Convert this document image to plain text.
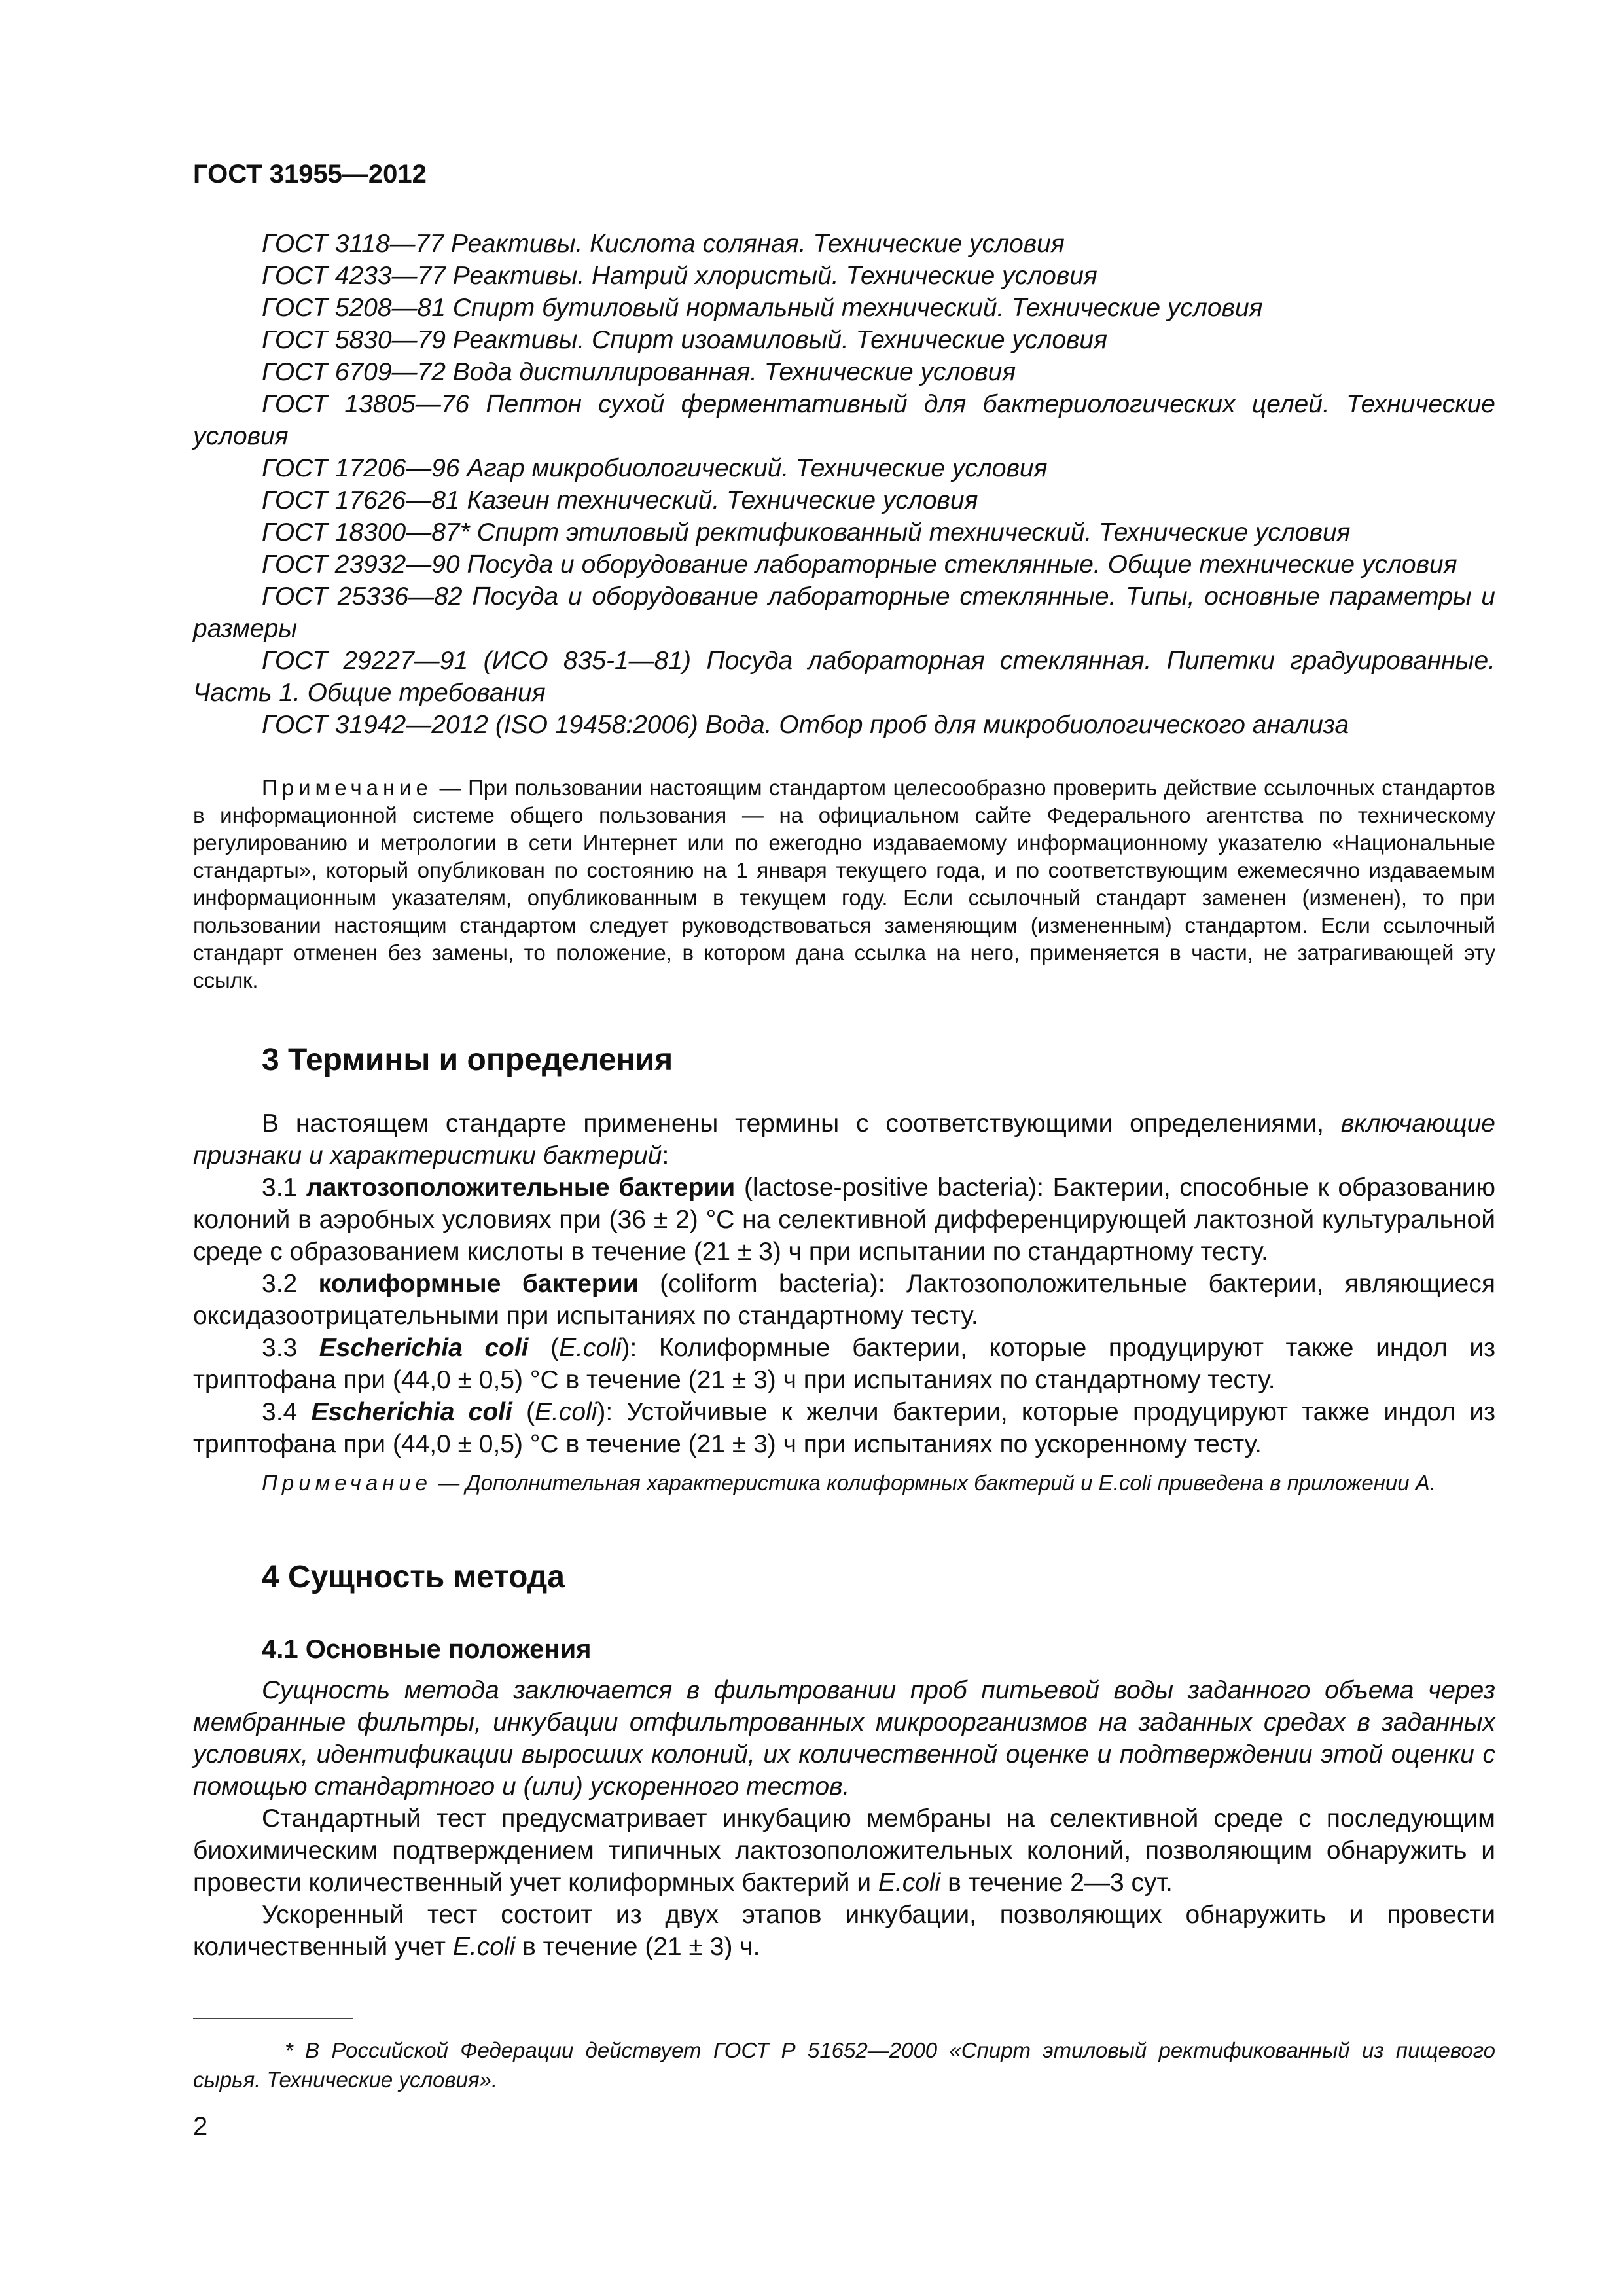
ГОСТ 31955—2012

ГОСТ 3118—77 Реактивы. Кислота соляная. Технические условия

ГОСТ 4233—77 Реактивы. Натрий хлористый. Технические условия

ГОСТ 5208—81 Спирт бутиловый нормальный технический. Технические условия

ГОСТ 5830—79 Реактивы. Спирт изоамиловый. Технические условия

ГОСТ 6709—72 Вода дистиллированная. Технические условия

ГОСТ 13805—76 Пептон сухой ферментативный для бактериологических целей. Технические условия

ГОСТ 17206—96 Агар микробиологический. Технические условия

ГОСТ 17626—81 Казеин технический. Технические условия

ГОСТ 18300—87* Спирт этиловый ректификованный технический. Технические условия

ГОСТ 23932—90 Посуда и оборудование лабораторные стеклянные. Общие технические условия

ГОСТ 25336—82 Посуда и оборудование лабораторные стеклянные. Типы, основные параметры и размеры

ГОСТ 29227—91 (ИСО 835-1—81) Посуда лабораторная стеклянная. Пипетки градуированные. Часть 1. Общие требования

ГОСТ 31942—2012 (ISO 19458:2006) Вода. Отбор проб для микробиологического анализа

Примечание — При пользовании настоящим стандартом целесообразно проверить действие ссылочных стандартов в информационной системе общего пользования — на официальном сайте Федерального агентства по техническому регулированию и метрологии в сети Интернет или по ежегодно издаваемому информационному указателю «Национальные стандарты», который опубликован по состоянию на 1 января текущего года, и по соответствующим ежемесячно издаваемым информационным указателям, опубликованным в текущем году. Если ссылочный стандарт заменен (изменен), то при пользовании настоящим стандартом следует руководствоваться заменяющим (измененным) стандартом. Если ссылочный стандарт отменен без замены, то положение, в котором дана ссылка на него, применяется в части, не затрагивающей эту ссылк.

3 Термины и определения

В настоящем стандарте применены термины с соответствующими определениями, включающие признаки и характеристики бактерий:

3.1 лактозоположительные бактерии (lactose-positive bacteria): Бактерии, способные к образованию колоний в аэробных условиях при (36 ± 2) °С на селективной дифференцирующей лактозной культуральной среде с образованием кислоты в течение (21 ± 3) ч при испытании по стандартному тесту.

3.2 колиформные бактерии (coliform bacteria): Лактозоположительные бактерии, являющиеся оксидазоотрицательными при испытаниях по стандартному тесту.

3.3 Escherichia coli (E.coli): Колиформные бактерии, которые продуцируют также индол из триптофана при (44,0 ± 0,5) °С в течение (21 ± 3) ч при испытаниях по стандартному тесту.

3.4 Escherichia coli (E.coli): Устойчивые к желчи бактерии, которые продуцируют также индол из триптофана при (44,0 ± 0,5) °С в течение (21 ± 3) ч при испытаниях по ускоренному тесту.

Примечание — Дополнительная характеристика колиформных бактерий и E.coli приведена в приложении А.

4 Сущность метода
4.1 Основные положения

Сущность метода заключается в фильтровании проб питьевой воды заданного объема через мембранные фильтры, инкубации отфильтрованных микроорганизмов на заданных средах в заданных условиях, идентификации выросших колоний, их количественной оценке и подтверждении этой оценки с помощью стандартного и (или) ускоренного тестов.

Стандартный тест предусматривает инкубацию мембраны на селективной среде с последующим биохимическим подтверждением типичных лактозоположительных колоний, позволяющим обнаружить и провести количественный учет колиформных бактерий и E.coli в течение 2—3 сут.

Ускоренный тест состоит из двух этапов инкубации, позволяющих обнаружить и провести количественный учет E.coli в течение (21 ± 3) ч.

* В Российской Федерации действует ГОСТ Р 51652—2000 «Спирт этиловый ректификованный из пищевого сырья. Технические условия».

2
